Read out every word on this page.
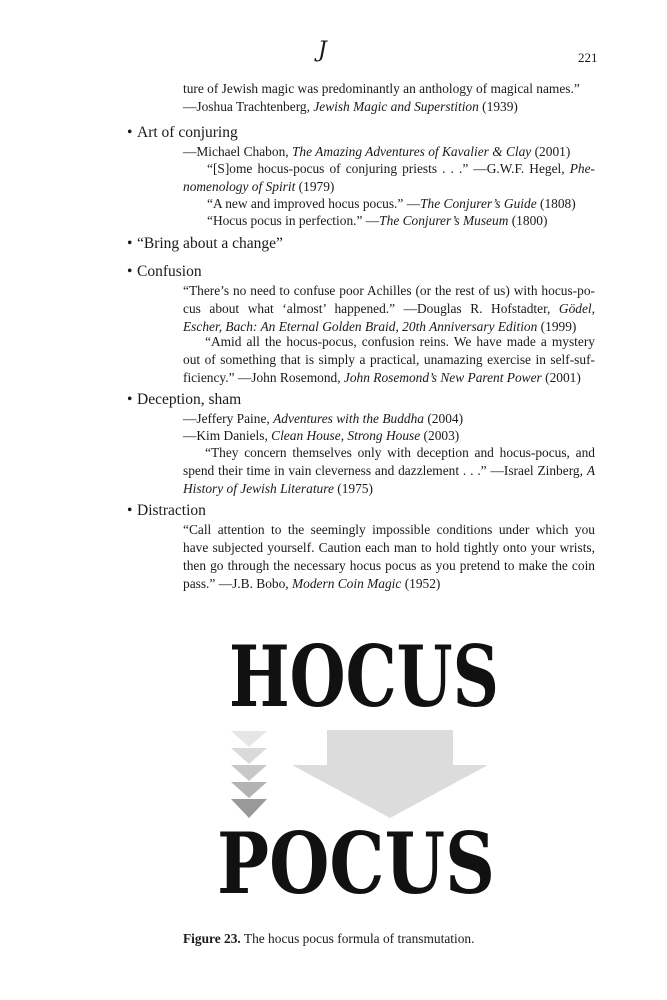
J	221
ture of Jewish magic was predominantly an anthology of magical names.”
—Joshua Trachtenberg, Jewish Magic and Superstition (1939)
• Art of conjuring
—Michael Chabon, The Amazing Adventures of Kavalier & Clay (2001)
“[S]ome hocus-pocus of conjuring priests . . .” —G.W.F. Hegel, Phe-
nomenology of Spirit (1979)
“A new and improved hocus pocus.” —The Conjurer’s Guide (1808)
“Hocus pocus in perfection.” —The Conjurer’s Museum (1800)
• “Bring about a change”
• Confusion
“There’s no need to confuse poor Achilles (or the rest of us) with hocus-po-cus about what ‘almost’ happened.” —Douglas R. Hofstadter, Gödel, Escher, Bach: An Eternal Golden Braid, 20th Anniversary Edition (1999)
“Amid all the hocus-pocus, confusion reins. We have made a mystery out of something that is simply a practical, unamazing exercise in self-suf-ficiency.” —John Rosemond, John Rosemond’s New Parent Power (2001)
• Deception, sham
—Jeffery Paine, Adventures with the Buddha (2004)
—Kim Daniels, Clean House, Strong House (2003)
“They concern themselves only with deception and hocus-pocus, and spend their time in vain cleverness and dazzlement . . .” —Israel Zinberg, A History of Jewish Literature (1975)
• Distraction
“Call attention to the seemingly impossible conditions under which you have subjected yourself. Caution each man to hold tightly onto your wrists, then go through the necessary hocus pocus as you pretend to make the coin pass.” —J.B. Bobo, Modern Coin Magic (1952)
HOCUS
POCUS
Figure 23. The hocus pocus formula of transmutation.
